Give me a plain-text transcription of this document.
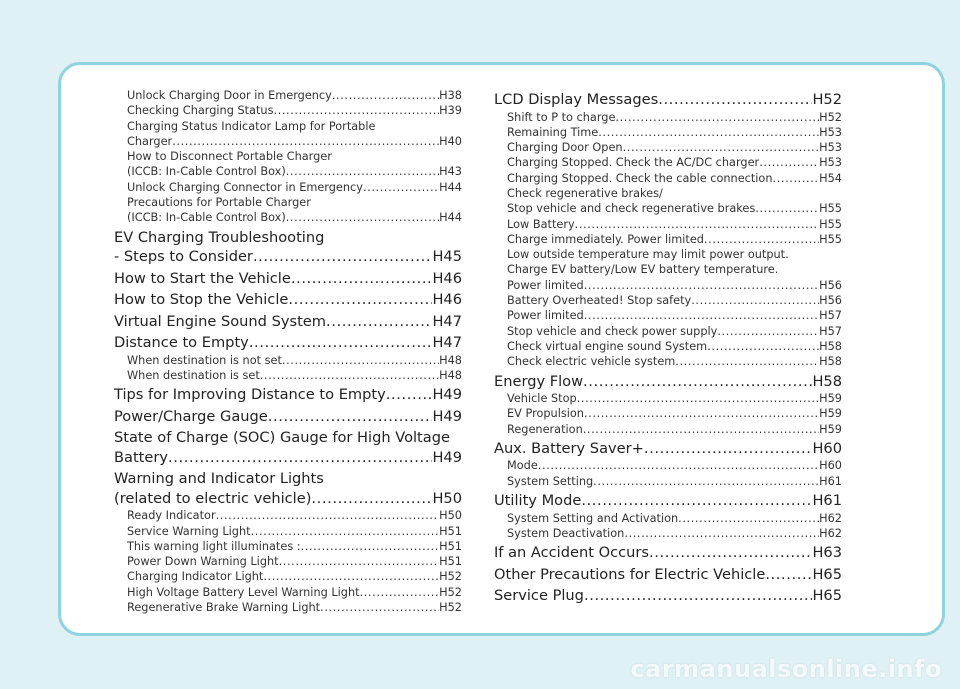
Unlock Charging Door in Emergency .....	H38
Checking Charging Status .....	H39
Charging Status Indicator Lamp for Portable
Charger .....	H40
How to Disconnect Portable Charger
(ICCB: In-Cable Control Box) .....	H43
Unlock Charging Connector in Emergency .....	H44
Precautions for Portable Charger
(ICCB: In-Cable Control Box) .....	H44
EV Charging Troubleshooting
- Steps to Consider .....	H45
How to Start the Vehicle .....	H46
How to Stop the Vehicle .....	H46
Virtual Engine Sound System .....	H47
Distance to Empty .....	H47
When destination is not set .....	H48
When destination is set .....	H48
Tips for Improving Distance to Empty .....	H49
Power/Charge Gauge .....	H49
State of Charge (SOC) Gauge for High Voltage
Battery .....	H49
Warning and Indicator Lights
(related to electric vehicle) .....	H50
Ready Indicator .....	H50
Service Warning Light .....	H51
This warning light illuminates : .....	H51
Power Down Warning Light .....	H51
Charging Indicator Light .....	H52
High Voltage Battery Level Warning Light .....	H52
Regenerative Brake Warning Light .....	H52
LCD Display Messages .....	H52
Shift to P to charge .....	H52
Remaining Time .....	H53
Charging Door Open .....	H53
Charging Stopped. Check the AC/DC charger .....	H53
Charging Stopped. Check the cable connection .....	H54
Check regenerative brakes/
Stop vehicle and check regenerative brakes .....	H55
Low Battery .....	H55
Charge immediately. Power limited .....	H55
Low outside temperature may limit power output.
Charge EV battery/Low EV battery temperature.
Power limited .....	H56
Battery Overheated! Stop safety .....	H56
Power limited .....	H57
Stop vehicle and check power supply .....	H57
Check virtual engine sound System .....	H58
Check electric vehicle system .....	H58
Energy Flow .....	H58
Vehicle Stop .....	H59
EV Propulsion .....	H59
Regeneration .....	H59
Aux. Battery Saver+ .....	H60
Mode .....	H60
System Setting .....	H61
Utility Mode .....	H61
System Setting and Activation .....	H62
System Deactivation .....	H62
If an Accident Occurs .....	H63
Other Precautions for Electric Vehicle .....	H65
Service Plug .....	H65
carmanualsonline.info
